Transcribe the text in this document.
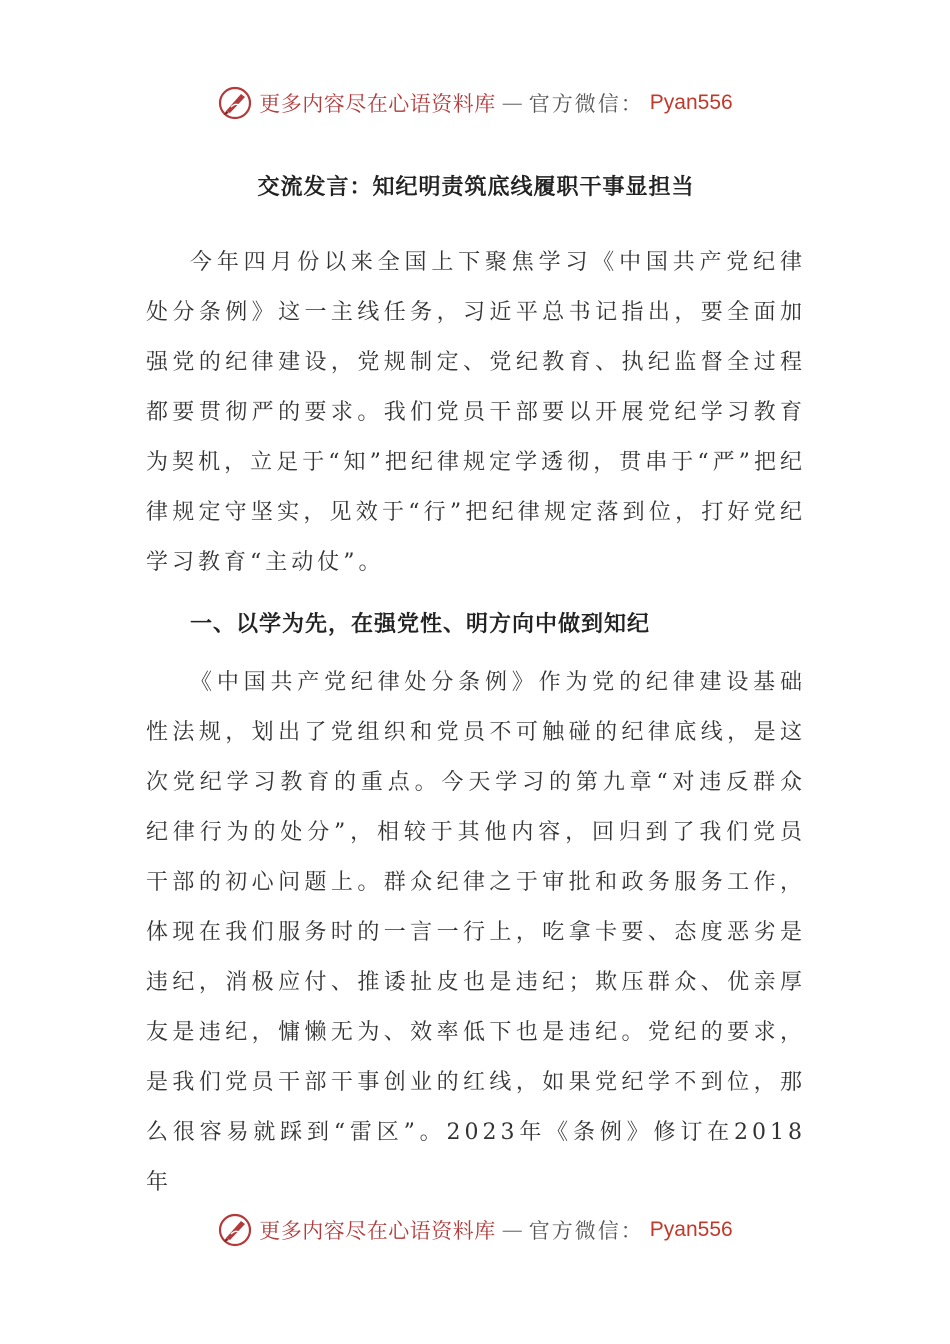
更多内容尽在心语资料库 — 官方微信： Pyan556
交流发言：知纪明责筑底线履职干事显担当

今年四月份以来全国上下聚焦学习《中国共产党纪律处分条例》这一主线任务，习近平总书记指出，要全面加强党的纪律建设，党规制定、党纪教育、执纪监督全过程都要贯彻严的要求。我们党员干部要以开展党纪学习教育为契机，立足于“知”把纪律规定学透彻，贯串于“严”把纪律规定守坚实，见效于“行”把纪律规定落到位，打好党纪学习教育“主动仗”。

一、以学为先，在强党性、明方向中做到知纪

《中国共产党纪律处分条例》作为党的纪律建设基础性法规，划出了党组织和党员不可触碰的纪律底线，是这次党纪学习教育的重点。今天学习的第九章“对违反群众纪律行为的处分”，相较于其他内容，回归到了我们党员干部的初心问题上。群众纪律之于审批和政务服务工作，体现在我们服务时的一言一行上，吃拿卡要、态度恶劣是违纪，消极应付、推诿扯皮也是违纪；欺压群众、优亲厚友是违纪，慵懒无为、效率低下也是违纪。党纪的要求，是我们党员干部干事创业的红线，如果党纪学不到位，那么很容易就踩到“雷区”。2023年《条例》修订在2018年

更多内容尽在心语资料库 — 官方微信： Pyan556
